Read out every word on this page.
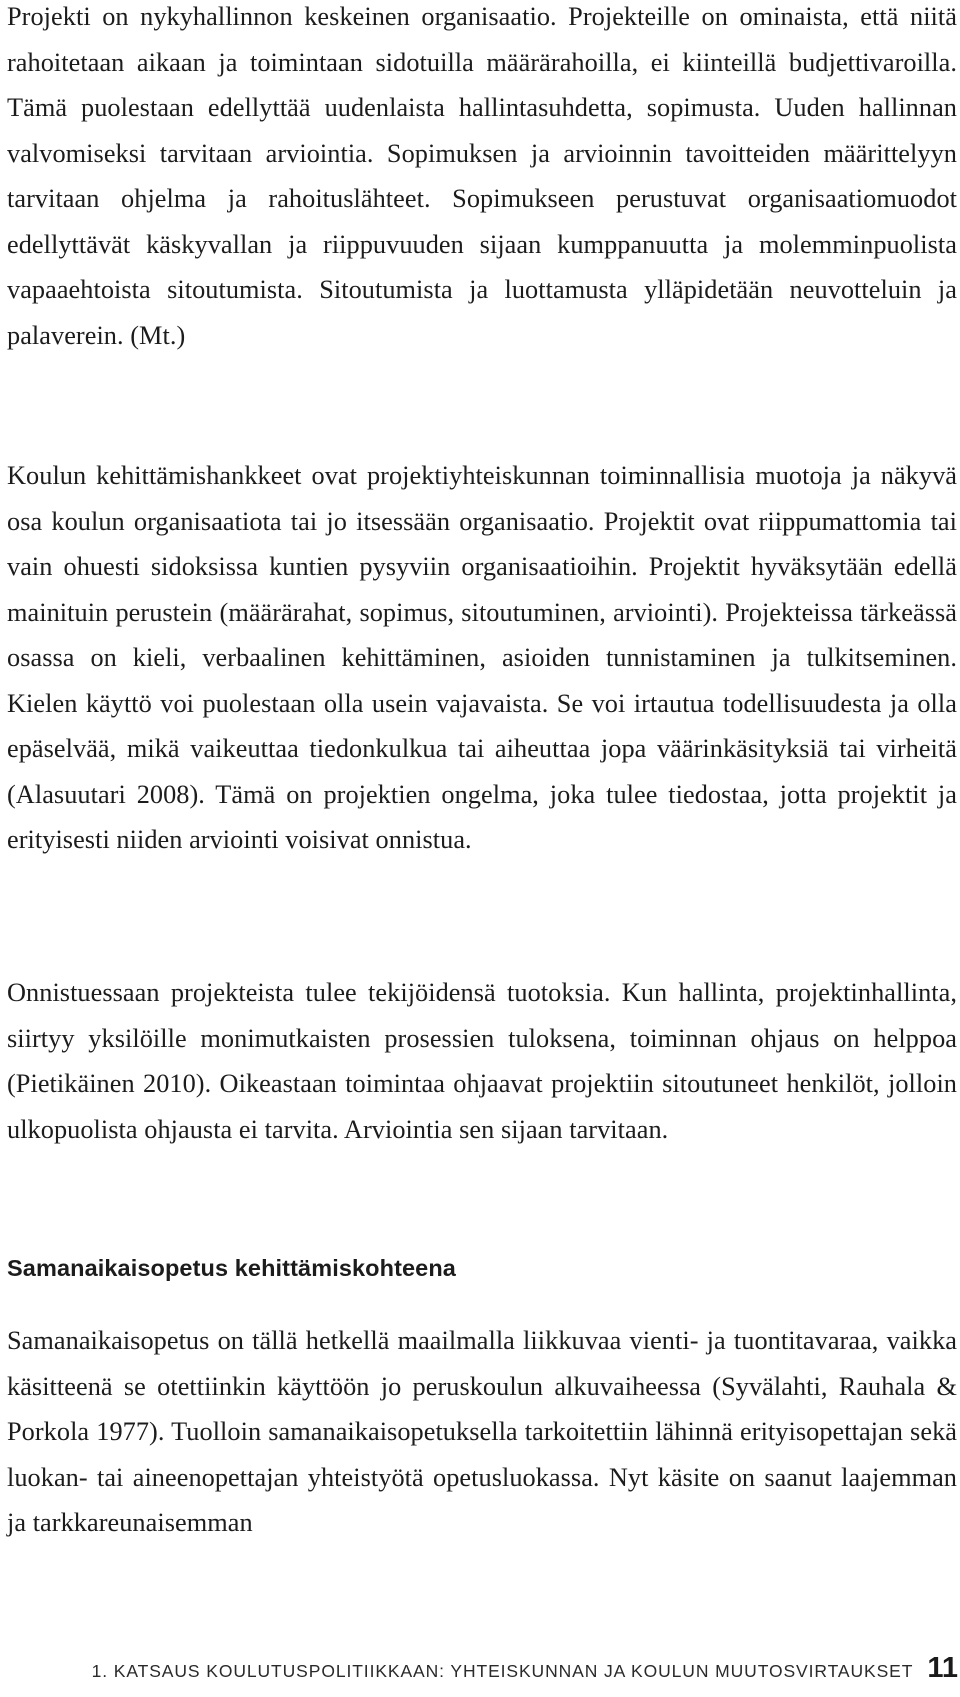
Projekti on nykyhallinnon keskeinen organisaatio. Projekteille on ominaista, että niitä rahoitetaan aikaan ja toimintaan sidotuilla määrärahoilla, ei kiinteillä budjettivaroilla. Tämä puolestaan edellyttää uudenlaista hallintasuhdetta, sopimusta. Uuden hallinnan valvomiseksi tarvitaan arviointia. Sopimuksen ja arvioinnin tavoitteiden määrittelyyn tarvitaan ohjelma ja rahoituslähteet. Sopimukseen perustuvat organisaatiomuodot edellyttävät käskyvallan ja riippuvuuden sijaan kumppanuutta ja molemminpuolista vapaaehtoista sitoutumista. Sitoutumista ja luottamusta ylläpidetään neuvotteluin ja palaverein. (Mt.)

Koulun kehittämishankkeet ovat projektiyhteiskunnan toiminnallisia muotoja ja näkyvä osa koulun organisaatiota tai jo itsessään organisaatio. Projektit ovat riippumattomia tai vain ohuesti sidoksissa kuntien pysyviin organisaatioihin. Projektit hyväksytään edellä mainituin perustein (määrärahat, sopimus, sitoutuminen, arviointi). Projekteissa tärkeässä osassa on kieli, verbaalinen kehittäminen, asioiden tunnistaminen ja tulkitseminen. Kielen käyttö voi puolestaan olla usein vajavaista. Se voi irtautua todellisuudesta ja olla epäselvää, mikä vaikeuttaa tiedonkulkua tai aiheuttaa jopa väärinkäsityksiä tai virheitä (Alasuutari 2008). Tämä on projektien ongelma, joka tulee tiedostaa, jotta projektit ja erityisesti niiden arviointi voisivat onnistua.

Onnistuessaan projekteista tulee tekijöidensä tuotoksia. Kun hallinta, projektinhallinta, siirtyy yksilöille monimutkaisten prosessien tuloksena, toiminnan ohjaus on helppoa (Pietikäinen 2010). Oikeastaan toimintaa ohjaavat projektiin sitoutuneet henkilöt, jolloin ulkopuolista ohjausta ei tarvita. Arviointia sen sijaan tarvitaan.

Samanaikaisopetus kehittämiskohteena

Samanaikaisopetus on tällä hetkellä maailmalla liikkuvaa vienti- ja tuontitavaraa, vaikka käsitteenä se otettiinkin käyttöön jo peruskoulun alkuvaiheessa (Syvälahti, Rauhala & Porkola 1977). Tuolloin samanaikaisopetuksella tarkoitettiin lähinnä erityisopettajan sekä luokan- tai aineenopettajan yhteistyötä opetusluokassa. Nyt käsite on saanut laajemman ja tarkkareunaisemman

1. KATSAUS KOULUTUSPOLITIIKKAAN: YHTEISKUNNAN JA KOULUN MUUTOSVIRTAUKSET 11
